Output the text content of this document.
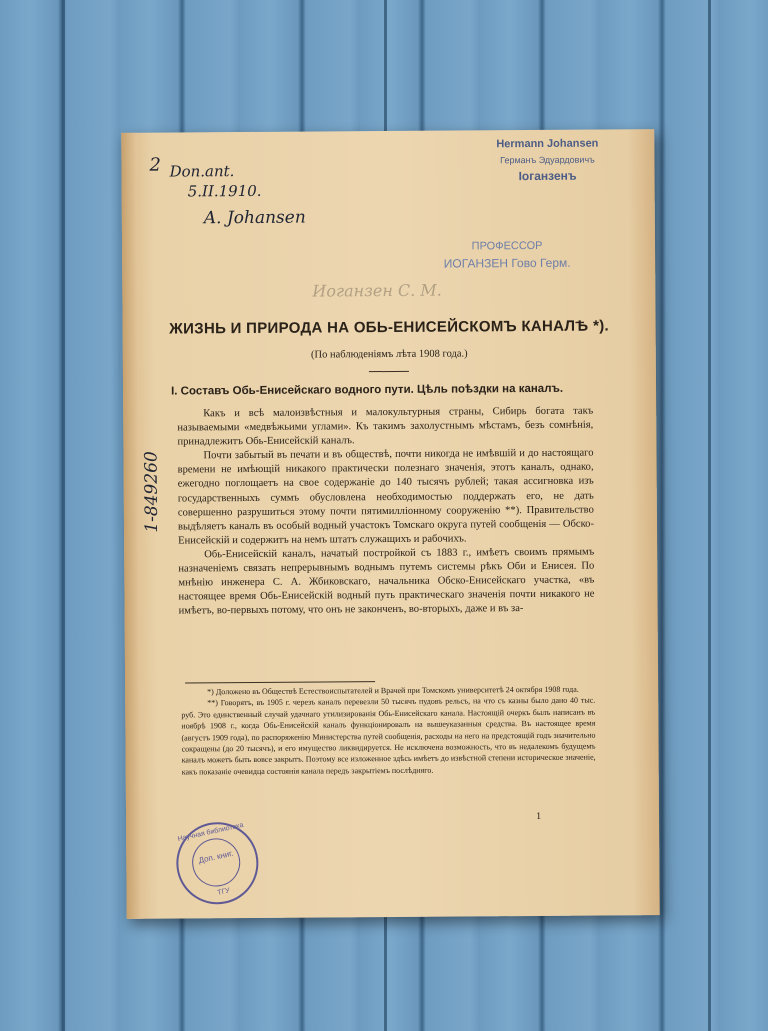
2 Don.ant.
5.II.1910.
A. Johansen
Иоганзен С. М.
Hermann Johansen
Германъ Эдуардовичъ
Іоганзенъ
ПРОФЕССОР
ИОГАНЗЕН Гово Герм.
ЖИЗНЬ И ПРИРОДА НА ОБЬ-ЕНИСЕЙСКОМЪ КАНАЛѢ *).
(По наблюденіямъ лѣта 1908 года.)
I. Составъ Обь-Енисейскаго водного пути. Цѣль поѣздки на каналъ.

Какъ и всѣ малоизвѣстныя и малокультурныя страны, Сибирь богата такъ называемыми «медвѣжьими углами». Къ такимъ захолустнымъ мѣстамъ, безъ сомнѣнія, принадлежитъ Обь-Енисейскій каналъ.

Почти забытый въ печати и въ обществѣ, почти никогда не имѣвшій и до настоящаго времени не имѣющій никакого практически полезнаго значенія, этотъ каналъ, однако, ежегодно поглощаетъ на свое содержаніе до 140 тысячъ рублей; такая ассигновка изъ государственныхъ суммъ обусловлена необходимостью поддержать его, не дать совершенно разрушиться этому почти пятимилліонному сооруженію **). Правительство выдѣляетъ каналъ въ особый водный участокъ Томскаго округа путей сообщенія — Обско-Енисейскій и содержитъ на немъ штатъ служащихъ и рабочихъ.

Обь-Енисейскій каналъ, начатый постройкой съ 1883 г., имѣетъ своимъ прямымъ назначеніемъ связать непрерывнымъ воднымъ путемъ системы рѣкъ Оби и Енисея. По мнѣнію инженера С. А. Жбиковскаго, начальника Обско-Енисейскаго участка, «въ настоящее время Обь-Енисейскій водный путь практическаго значенія почти никакого не имѣетъ, во-первыхъ потому, что онъ не законченъ, во-вторыхъ, даже и въ за-

*) Доложено въ Обществѣ Естествоиспытателей и Врачей при Томскомъ университетѣ 24 октября 1908 года.

**) Говорятъ, въ 1905 г. черезъ каналъ перевезли 50 тысячъ пудовъ рельсъ, на что съ казны было дано 40 тыс. руб. Это единственный случай удачнаго утилизированія Обь-Енисейскаго канала. Настоящій очеркъ былъ написанъ въ ноябрѣ 1908 г., когда Обь-Енисейскій каналъ функціонировалъ на вышеуказанныя средства. Въ настоящее время (августъ 1909 года), по распоряженію Министерства путей сообщенія, расходы на него на предстоящій годъ значительно сокращены (до 20 тысячъ), и его имущество ликвидируется. Не исключена возможность, что въ недалекомъ будущемъ каналъ можетъ быть вовсе закрытъ. Поэтому все изложенное здѣсь имѣетъ до извѣстной степени историческое значеніе, какъ показаніе очевидца состоянія канала передъ закрытіемъ послѣдняго.

1
1-849260
Научная библиотека
Доп. книг.
ТГУ
